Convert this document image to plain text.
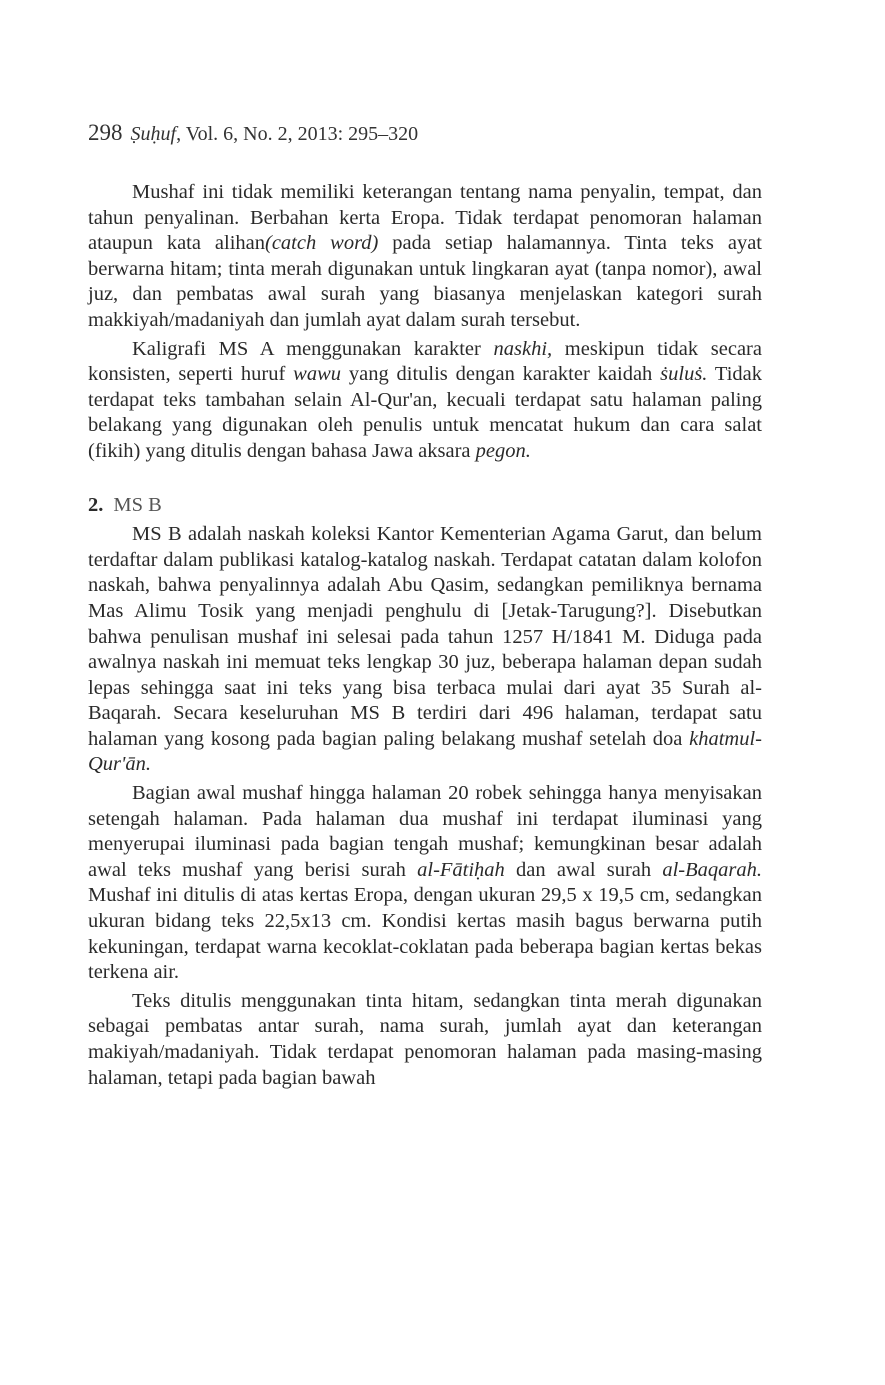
298 Ṣuḥuf, Vol. 6, No. 2, 2013: 295–320

Mushaf ini tidak memiliki keterangan tentang nama penyalin, tempat, dan tahun penyalinan. Berbahan kerta Eropa. Tidak terdapat penomoran halaman ataupun kata alihan(catch word) pada setiap halamannya. Tinta teks ayat berwarna hitam; tinta merah digunakan untuk lingkaran ayat (tanpa nomor), awal juz, dan pembatas awal surah yang biasanya menjelaskan kategori surah makkiyah/madaniyah dan jumlah ayat dalam surah tersebut.

Kaligrafi MS A menggunakan karakter naskhi, meskipun tidak secara konsisten, seperti huruf wawu yang ditulis dengan karakter kaidah ṡuluṡ. Tidak terdapat teks tambahan selain Al-Qur'an, kecuali terdapat satu halaman paling belakang yang digunakan oleh penulis untuk mencatat hukum dan cara salat (fikih) yang ditulis dengan bahasa Jawa aksara pegon.

2. MS B

MS B adalah naskah koleksi Kantor Kementerian Agama Garut, dan belum terdaftar dalam publikasi katalog-katalog naskah. Terdapat catatan dalam kolofon naskah, bahwa penyalinnya adalah Abu Qasim, sedangkan pemiliknya bernama Mas Alimu Tosik yang menjadi penghulu di [Jetak-Tarugung?]. Disebutkan bahwa penulisan mushaf ini selesai pada tahun 1257 H/1841 M. Diduga pada awalnya naskah ini memuat teks lengkap 30 juz, beberapa halaman depan sudah lepas sehingga saat ini teks yang bisa terbaca mulai dari ayat 35 Surah al-Baqarah. Secara keseluruhan MS B terdiri dari 496 halaman, terdapat satu halaman yang kosong pada bagian paling belakang mushaf setelah doa khatmul-Qur'ān.

Bagian awal mushaf hingga halaman 20 robek sehingga hanya menyisakan setengah halaman. Pada halaman dua mushaf ini terdapat iluminasi yang menyerupai iluminasi pada bagian tengah mushaf; kemungkinan besar adalah awal teks mushaf yang berisi surah al-Fātiḥah dan awal surah al-Baqarah. Mushaf ini ditulis di atas kertas Eropa, dengan ukuran 29,5 x 19,5 cm, sedangkan ukuran bidang teks 22,5x13 cm. Kondisi kertas masih bagus berwarna putih kekuningan, terdapat warna kecoklat-coklatan pada beberapa bagian kertas bekas terkena air.

Teks ditulis menggunakan tinta hitam, sedangkan tinta merah digunakan sebagai pembatas antar surah, nama surah, jumlah ayat dan keterangan makiyah/madaniyah. Tidak terdapat penomoran halaman pada masing-masing halaman, tetapi pada bagian bawah
